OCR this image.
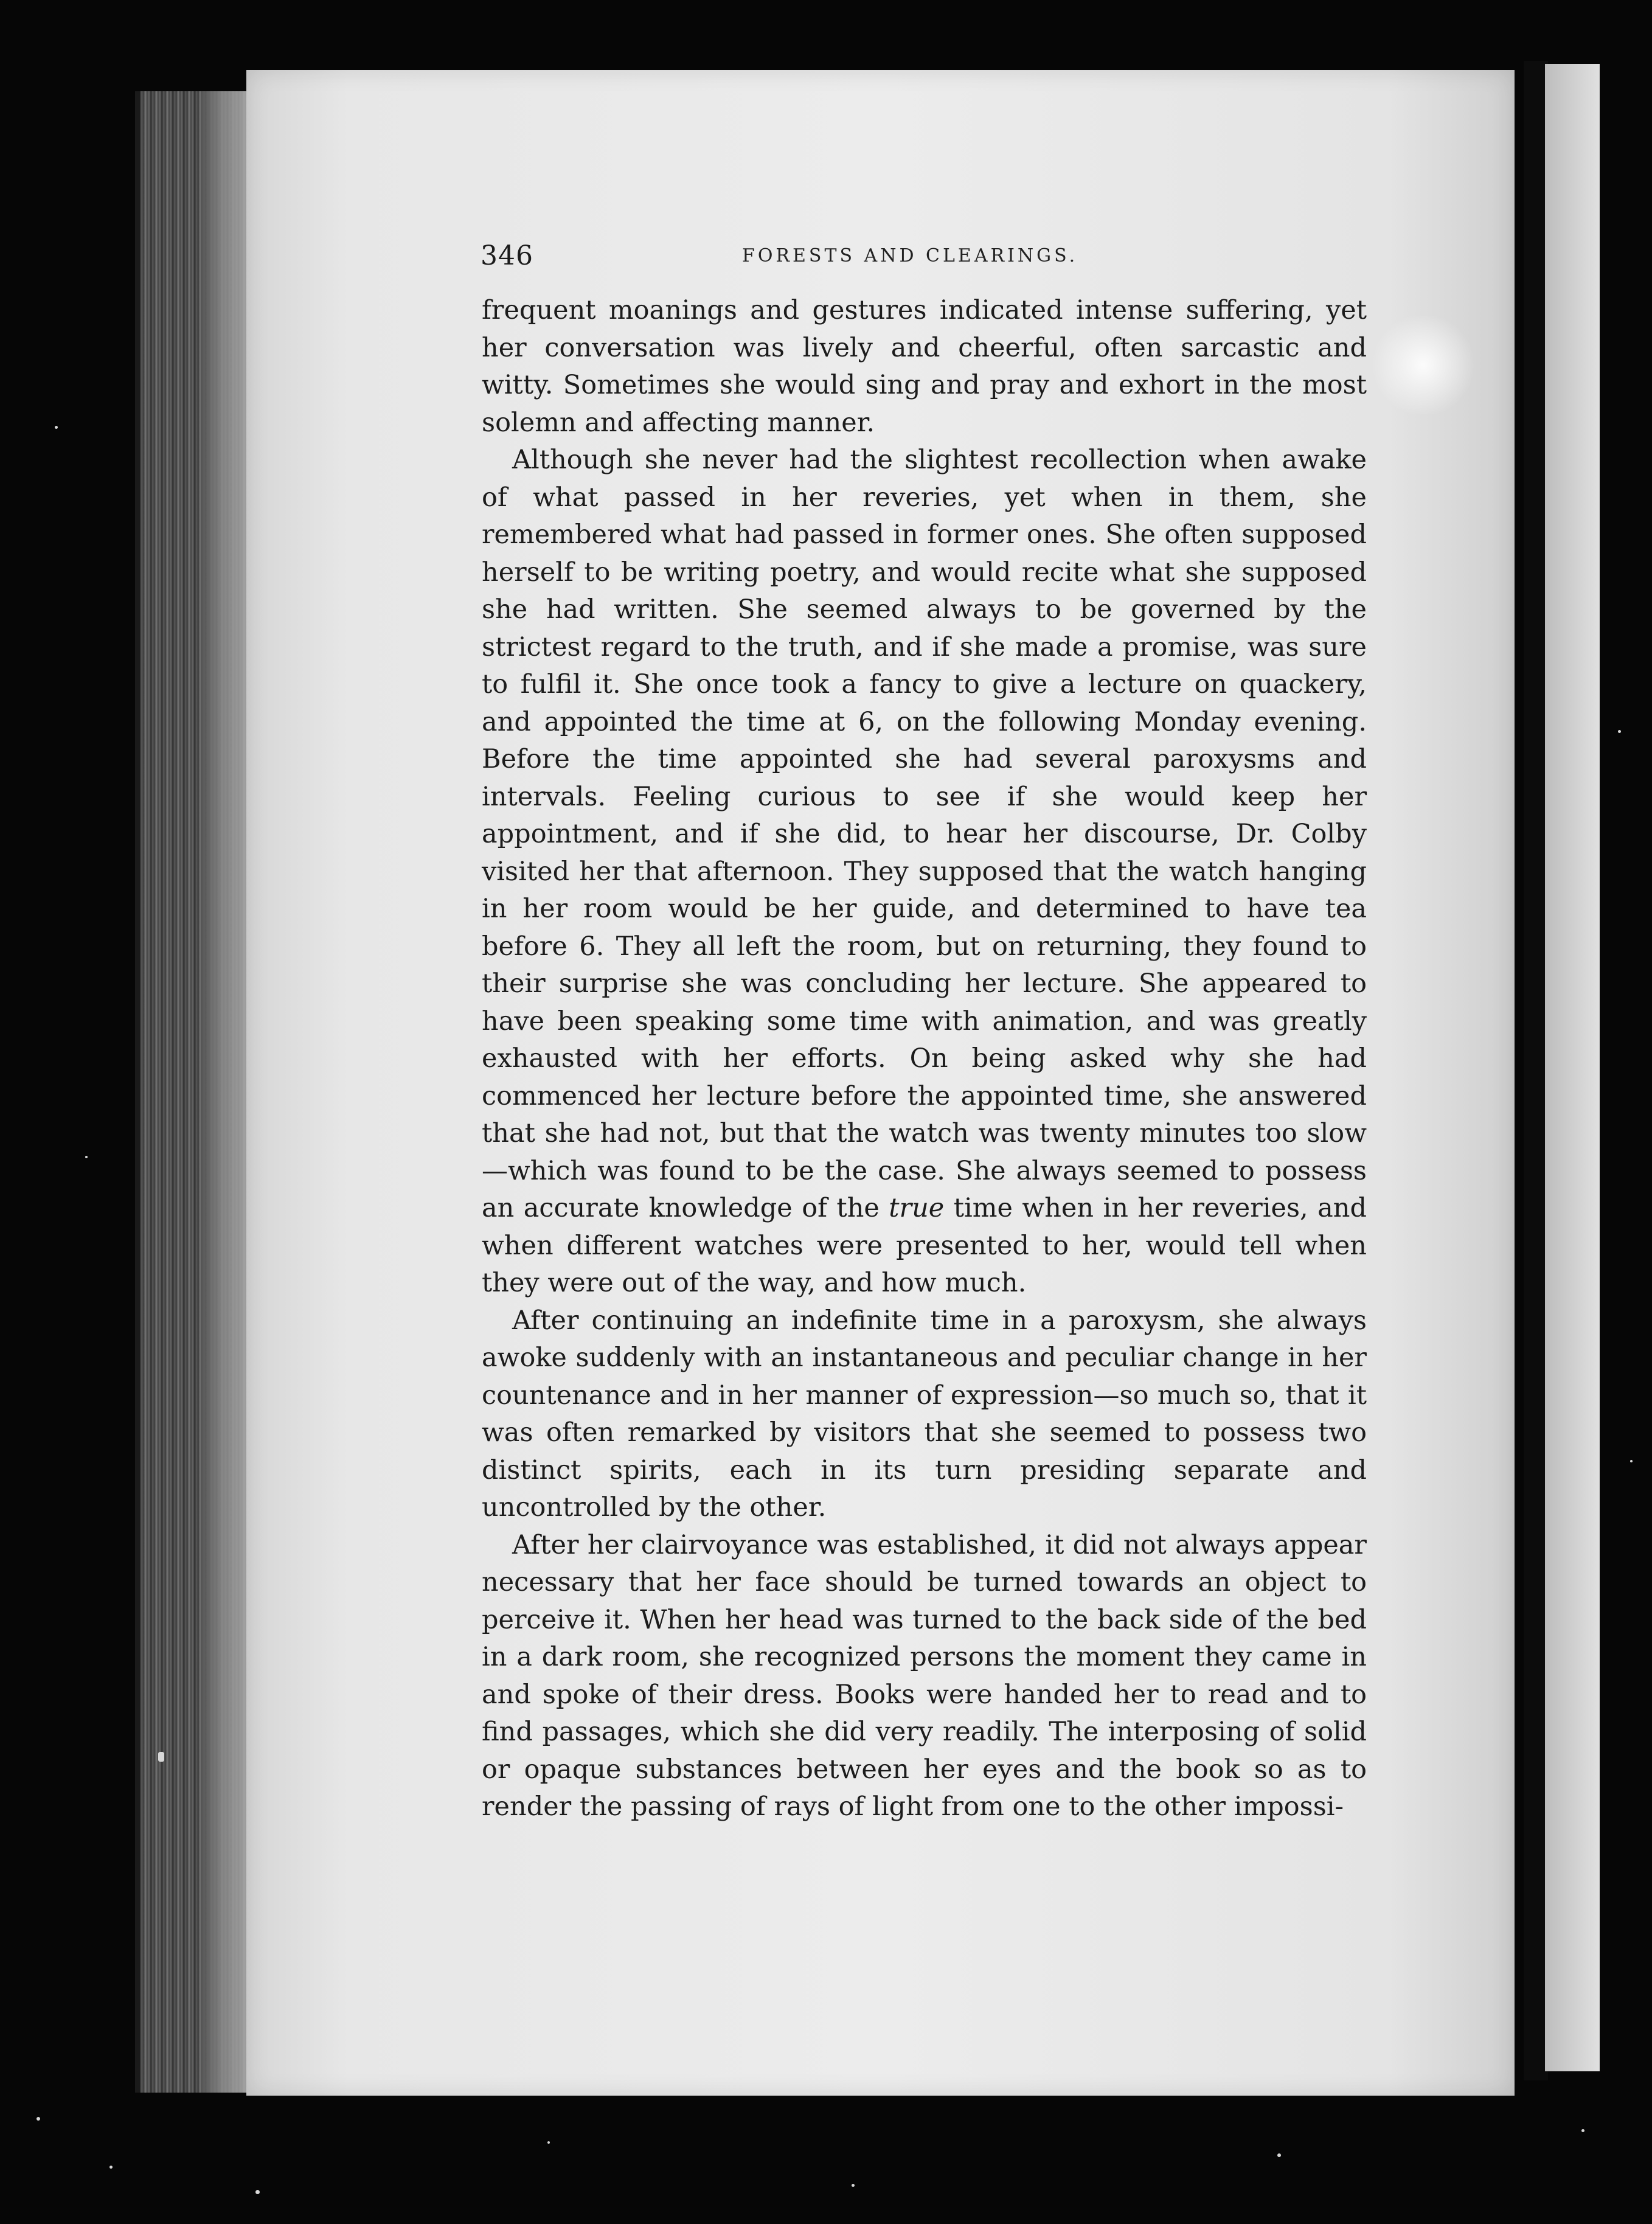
346	FORESTS AND CLEARINGS.

frequent moanings and gestures indicated intense suffering, yet her conversation was lively and cheerful, often sarcastic and witty. Sometimes she would sing and pray and exhort in the most solemn and affecting manner.

Although she never had the slightest recollection when awake of what passed in her reveries, yet when in them, she remembered what had passed in former ones. She often supposed herself to be writing poetry, and would recite what she supposed she had written. She seemed always to be governed by the strictest regard to the truth, and if she made a promise, was sure to fulfil it. She once took a fancy to give a lecture on quackery, and appointed the time at 6, on the following Monday evening. Before the time appointed she had several paroxysms and intervals. Feeling curious to see if she would keep her appointment, and if she did, to hear her discourse, Dr. Colby visited her that afternoon. They supposed that the watch hanging in her room would be her guide, and determined to have tea before 6. They all left the room, but on returning, they found to their surprise she was concluding her lecture. She appeared to have been speaking some time with animation, and was greatly exhausted with her efforts. On being asked why she had commenced her lecture before the appointed time, she answered that she had not, but that the watch was twenty minutes too slow—which was found to be the case. She always seemed to possess an accurate knowledge of the true time when in her reveries, and when different watches were presented to her, would tell when they were out of the way, and how much.

After continuing an indefinite time in a paroxysm, she always awoke suddenly with an instantaneous and peculiar change in her countenance and in her manner of expression—so much so, that it was often remarked by visitors that she seemed to possess two distinct spirits, each in its turn presiding separate and uncontrolled by the other.

After her clairvoyance was established, it did not always appear necessary that her face should be turned towards an object to perceive it. When her head was turned to the back side of the bed in a dark room, she recognized persons the moment they came in and spoke of their dress. Books were handed her to read and to find passages, which she did very readily. The interposing of solid or opaque substances between her eyes and the book so as to render the passing of rays of light from one to the other impossi-
